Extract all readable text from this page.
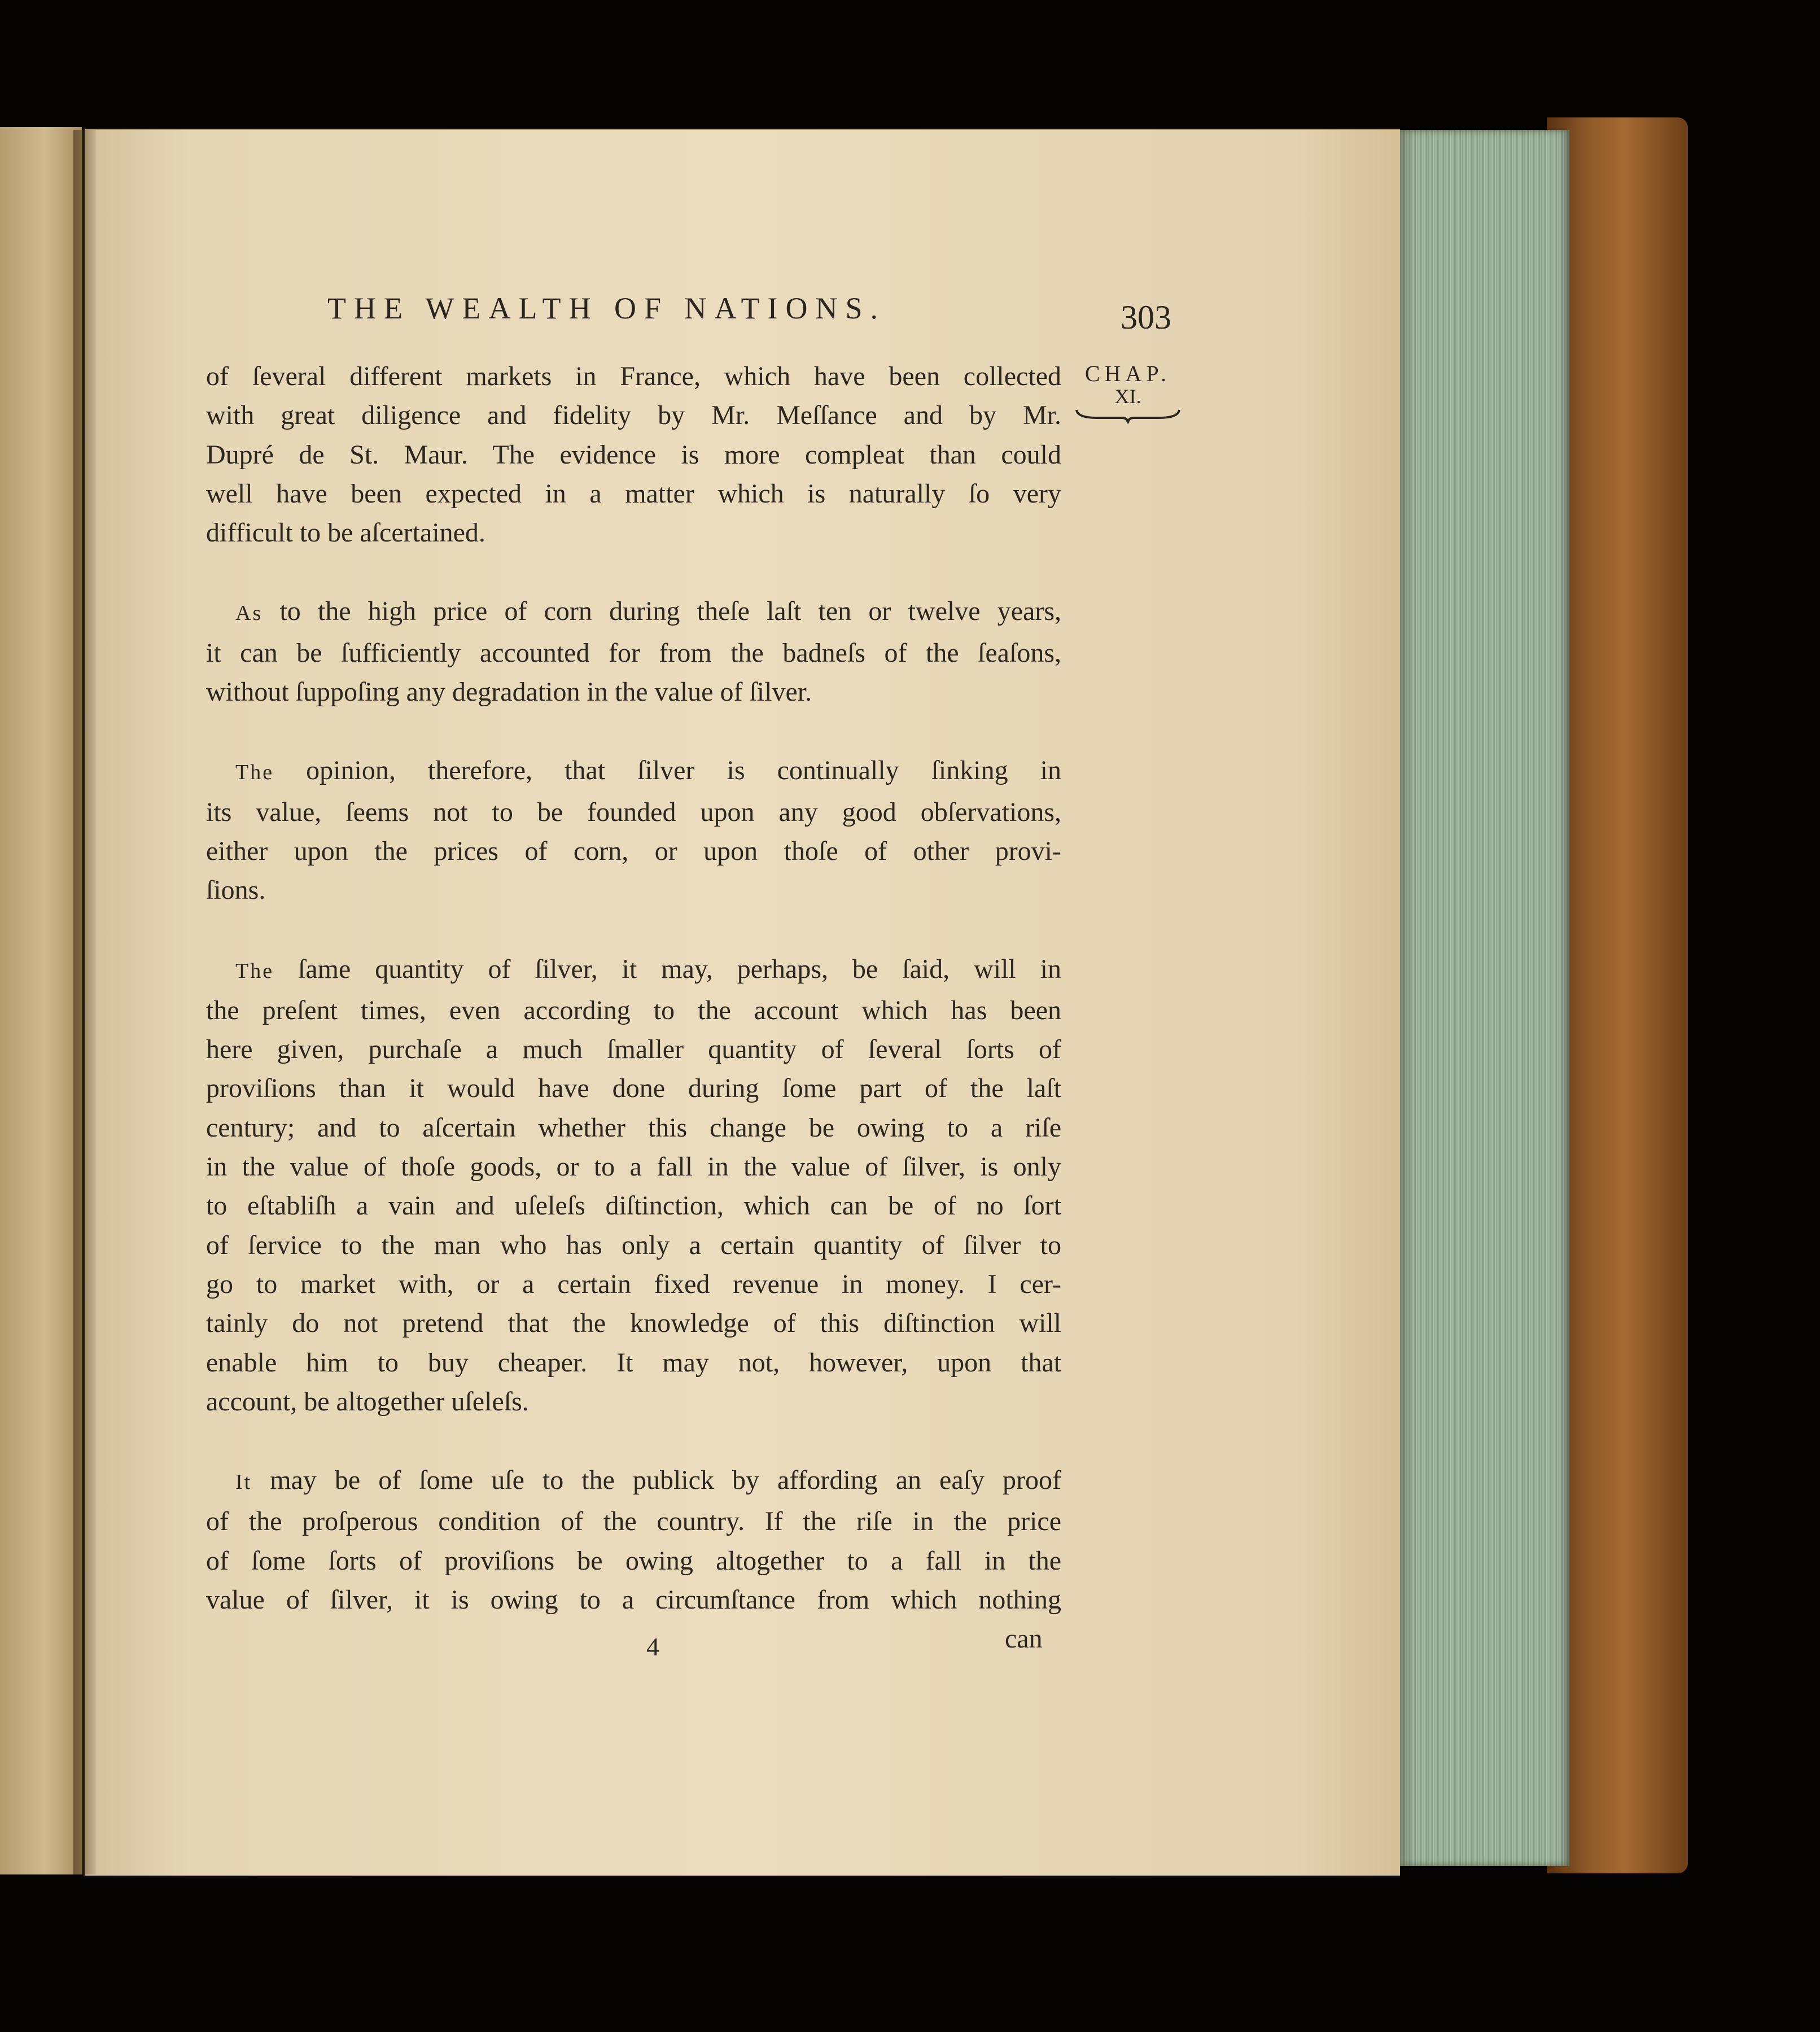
THE WEALTH OF NATIONS.	303
CHAP.
XI.
of ſeveral different markets in France, which have been collected
with great diligence and fidelity by Mr. Meſſance and by Mr.
Dupré de St. Maur. The evidence is more compleat than could
well have been expected in a matter which is naturally ſo very
difficult to be aſcertained.
As to the high price of corn during theſe laſt ten or twelve years,
it can be ſufficiently accounted for from the badneſs of the ſeaſons,
without ſuppoſing any degradation in the value of ſilver.
The opinion, therefore, that ſilver is continually ſinking in
its value, ſeems not to be founded upon any good obſervations,
either upon the prices of corn, or upon thoſe of other provi-
ſions.
The ſame quantity of ſilver, it may, perhaps, be ſaid, will in
the preſent times, even according to the account which has been
here given, purchaſe a much ſmaller quantity of ſeveral ſorts of
proviſions than it would have done during ſome part of the laſt
century; and to aſcertain whether this change be owing to a riſe
in the value of thoſe goods, or to a fall in the value of ſilver, is only
to eſtabliſh a vain and uſeleſs diſtinction, which can be of no ſort
of ſervice to the man who has only a certain quantity of ſilver to
go to market with, or a certain fixed revenue in money. I cer-
tainly do not pretend that the knowledge of this diſtinction will
enable him to buy cheaper. It may not, however, upon that
account, be altogether uſeleſs.
It may be of ſome uſe to the publick by affording an eaſy proof
of the proſperous condition of the country. If the riſe in the price
of ſome ſorts of proviſions be owing altogether to a fall in the
value of ſilver, it is owing to a circumſtance from which nothing
4	can
